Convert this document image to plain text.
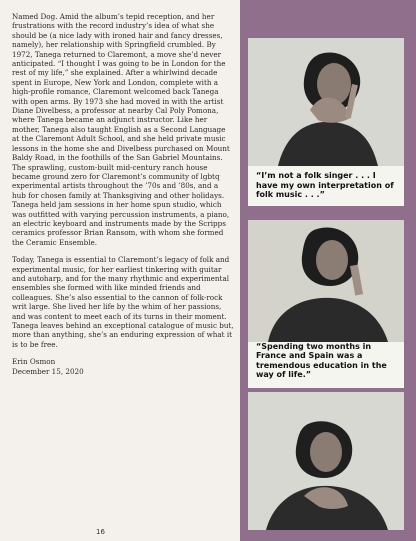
Named Dog. Amid the album’s tepid reception, and her frustrations with the record industry’s idea of what she should be (a nice lady with ironed hair and fancy dresses, namely), her relationship with Springfield crumbled. By 1972, Tanega returned to Claremont, a move she’d never anticipated. “I thought I was going to be in London for the rest of my life,” she explained. After a whirlwind decade spent in Europe, New York and London, complete with a high-profile romance, Claremont welcomed back Tanega with open arms. By 1973 she had moved in with the artist Diane Divelbess, a professor at nearby Cal Poly Pomona, where Tanega became an adjunct instructor. Like her mother, Tanega also taught English as a Second Language at the Claremont Adult School, and she held private music lessons in the home she and Divelbess purchased on Mount Baldy Road, in the foothills of the San Gabriel Mountains. The sprawling, custom-built mid-century ranch house became ground zero for Claremont’s community of lgbtq experimental artists throughout the ’70s and ’80s, and a hub for chosen family at Thanksgiving and other holidays. Tanega held jam sessions in her home spun studio, which was outfitted with varying percussion instruments, a piano, an electric keyboard and instruments made by the Scripps ceramics professor Brian Ransom, with whom she formed the Ceramic Ensemble.

Today, Tanega is essential to Claremont’s legacy of folk and experimental music, for her earliest tinkering with guitar and autoharp, and for the many rhythmic and experimental ensembles she formed with like minded friends and colleagues. She’s also essential to the cannon of folk-rock writ large. She lived her life by the whim of her passions, and was content to meet each of its turns in their moment. Tanega leaves behind an exceptional catalogue of music but, more than anything, she’s an enduring expression of what it is to be free.

Erin Osmon
December 15, 2020
16
“I’m not a folk singer . . . I have my own interpretation of folk music . . .”
“Spending two months in France and Spain was a tremendous education in the way of life.”
